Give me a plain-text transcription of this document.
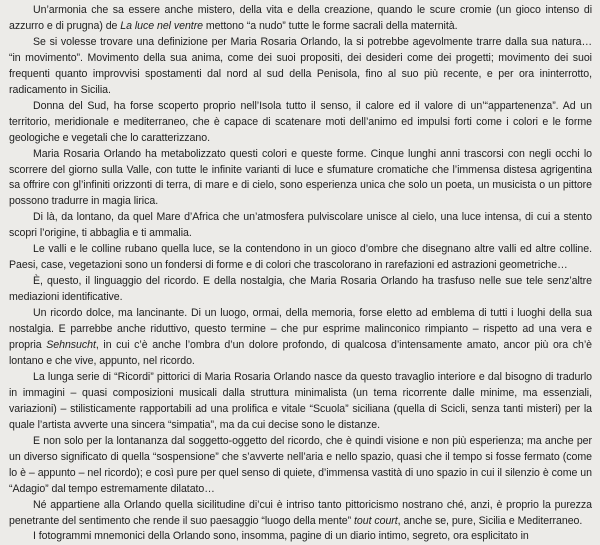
Un’armonia che sa essere anche mistero, della vita e della creazione, quando le scure cromie (un gioco intenso di azzurro e di prugna) de La luce nel ventre mettono “a nudo” tutte le forme sacrali della maternità.

Se si volesse trovare una definizione per Maria Rosaria Orlando, la si potrebbe agevolmente trarre dalla sua natura… “in movimento”. Movimento della sua anima, come dei suoi propositi, dei desideri come dei progetti; movimento dei suoi frequenti quanto improvvisi spostamenti dal nord al sud della Penisola, fino al suo più recente, e per ora ininterrotto, radicamento in Sicilia.

Donna del Sud, ha forse scoperto proprio nell’Isola tutto il senso, il calore ed il valore di un’“appartenenza”. Ad un territorio, meridionale e mediterraneo, che è capace di scatenare moti dell’animo ed impulsi forti come i colori e le forme geologiche e vegetali che lo caratterizzano.

Maria Rosaria Orlando ha metabolizzato questi colori e queste forme. Cinque lunghi anni trascorsi con negli occhi lo scorrere del giorno sulla Valle, con tutte le infinite varianti di luce e sfumature cromatiche che l’immensa distesa agrigentina sa offrire con gl’infiniti orizzonti di terra, di mare e di cielo, sono esperienza unica che solo un poeta, un musicista o un pittore possono tradurre in magia lirica.

Di là, da lontano, da quel Mare d’Africa che un’atmosfera pulviscolare unisce al cielo, una luce intensa, di cui a stento scopri l’origine, ti abbaglia e ti ammalia.

Le valli e le colline rubano quella luce, se la contendono in un gioco d’ombre che disegnano altre valli ed altre colline. Paesi, case, vegetazioni sono un fondersi di forme e di colori che trascolorano in rarefazioni ed astrazioni geometriche…

È, questo, il linguaggio del ricordo. E della nostalgia, che Maria Rosaria Orlando ha trasfuso nelle sue tele senz’altre mediazioni identificative.

Un ricordo dolce, ma lancinante. Di un luogo, ormai, della memoria, forse eletto ad emblema di tutti i luoghi della sua nostalgia. E parrebbe anche riduttivo, questo termine – che pur esprime malinconico rimpianto – rispetto ad una vera e propria Sehnsucht, in cui c’è anche l’ombra d’un dolore profondo, di qualcosa d’intensamente amato, ancor più ora ch’è lontano e che vive, appunto, nel ricordo.

La lunga serie di “Ricordi” pittorici di Maria Rosaria Orlando nasce da questo travaglio interiore e dal bisogno di tradurlo in immagini – quasi composizioni musicali dalla struttura minimalista (un tema ricorrente dalle minime, ma essenziali, variazioni) – stilisticamente rapportabili ad una prolifica e vitale “Scuola” siciliana (quella di Scicli, senza tanti misteri) per la quale l’artista avverte una sincera “simpatia”, ma da cui decise sono le distanze.

E non solo per la lontananza dal soggetto-oggetto del ricordo, che è quindi visione e non più esperienza; ma anche per un diverso significato di quella “sospensione” che s’avverte nell’aria e nello spazio, quasi che il tempo si fosse fermato (come lo è – appunto – nel ricordo); e così pure per quel senso di quiete, d’immensa vastità di uno spazio in cui il silenzio è come un “Adagio” dal tempo estremamente dilatato…

Né appartiene alla Orlando quella sicilitudine di’cui è intriso tanto pittoricismo nostrano ché, anzi, è proprio la purezza penetrante del sentimento che rende il suo paesaggio “luogo della mente” tout court, anche se, pure, Sicilia e Mediterraneo.

I fotogrammi mnemonici della Orlando sono, insomma, pagine di un diario intimo, segreto, ora esplicitato in
